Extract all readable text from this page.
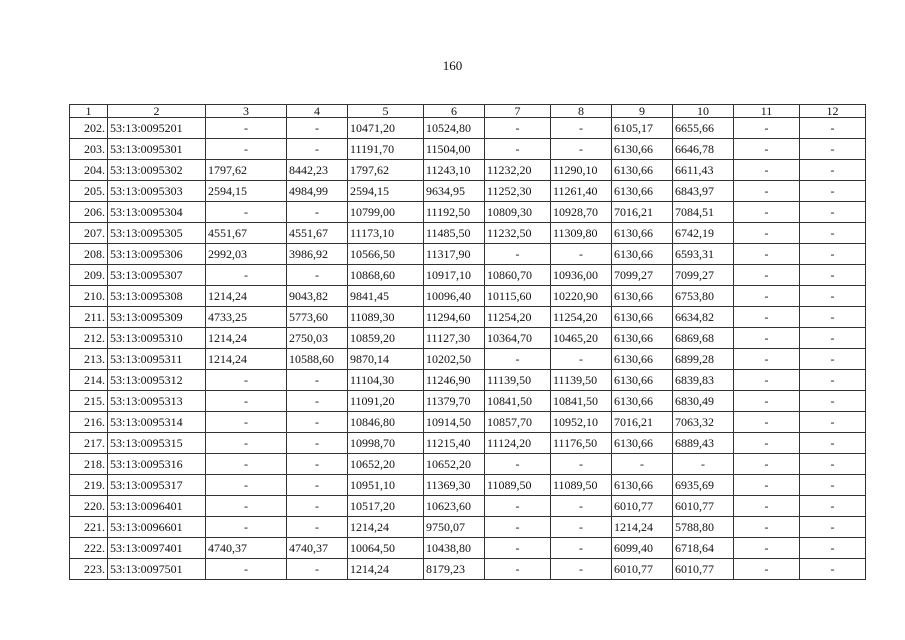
160
1	2	3	4	5	6	7	8	9	10	11	12
202.	53:13:0095201	-	-	10471,20	10524,80	-	-	6105,17	6655,66	-	-
203.	53:13:0095301	-	-	11191,70	11504,00	-	-	6130,66	6646,78	-	-
204.	53:13:0095302	1797,62	8442,23	1797,62	11243,10	11232,20	11290,10	6130,66	6611,43	-	-
205.	53:13:0095303	2594,15	4984,99	2594,15	9634,95	11252,30	11261,40	6130,66	6843,97	-	-
206.	53:13:0095304	-	-	10799,00	11192,50	10809,30	10928,70	7016,21	7084,51	-	-
207.	53:13:0095305	4551,67	4551,67	11173,10	11485,50	11232,50	11309,80	6130,66	6742,19	-	-
208.	53:13:0095306	2992,03	3986,92	10566,50	11317,90	-	-	6130,66	6593,31	-	-
209.	53:13:0095307	-	-	10868,60	10917,10	10860,70	10936,00	7099,27	7099,27	-	-
210.	53:13:0095308	1214,24	9043,82	9841,45	10096,40	10115,60	10220,90	6130,66	6753,80	-	-
211.	53:13:0095309	4733,25	5773,60	11089,30	11294,60	11254,20	11254,20	6130,66	6634,82	-	-
212.	53:13:0095310	1214,24	2750,03	10859,20	11127,30	10364,70	10465,20	6130,66	6869,68	-	-
213.	53:13:0095311	1214,24	10588,60	9870,14	10202,50	-	-	6130,66	6899,28	-	-
214.	53:13:0095312	-	-	11104,30	11246,90	11139,50	11139,50	6130,66	6839,83	-	-
215.	53:13:0095313	-	-	11091,20	11379,70	10841,50	10841,50	6130,66	6830,49	-	-
216.	53:13:0095314	-	-	10846,80	10914,50	10857,70	10952,10	7016,21	7063,32	-	-
217.	53:13:0095315	-	-	10998,70	11215,40	11124,20	11176,50	6130,66	6889,43	-	-
218.	53:13:0095316	-	-	10652,20	10652,20	-	-	-	-	-	-
219.	53:13:0095317	-	-	10951,10	11369,30	11089,50	11089,50	6130,66	6935,69	-	-
220.	53:13:0096401	-	-	10517,20	10623,60	-	-	6010,77	6010,77	-	-
221.	53:13:0096601	-	-	1214,24	9750,07	-	-	1214,24	5788,80	-	-
222.	53:13:0097401	4740,37	4740,37	10064,50	10438,80	-	-	6099,40	6718,64	-	-
223.	53:13:0097501	-	-	1214,24	8179,23	-	-	6010,77	6010,77	-	-
